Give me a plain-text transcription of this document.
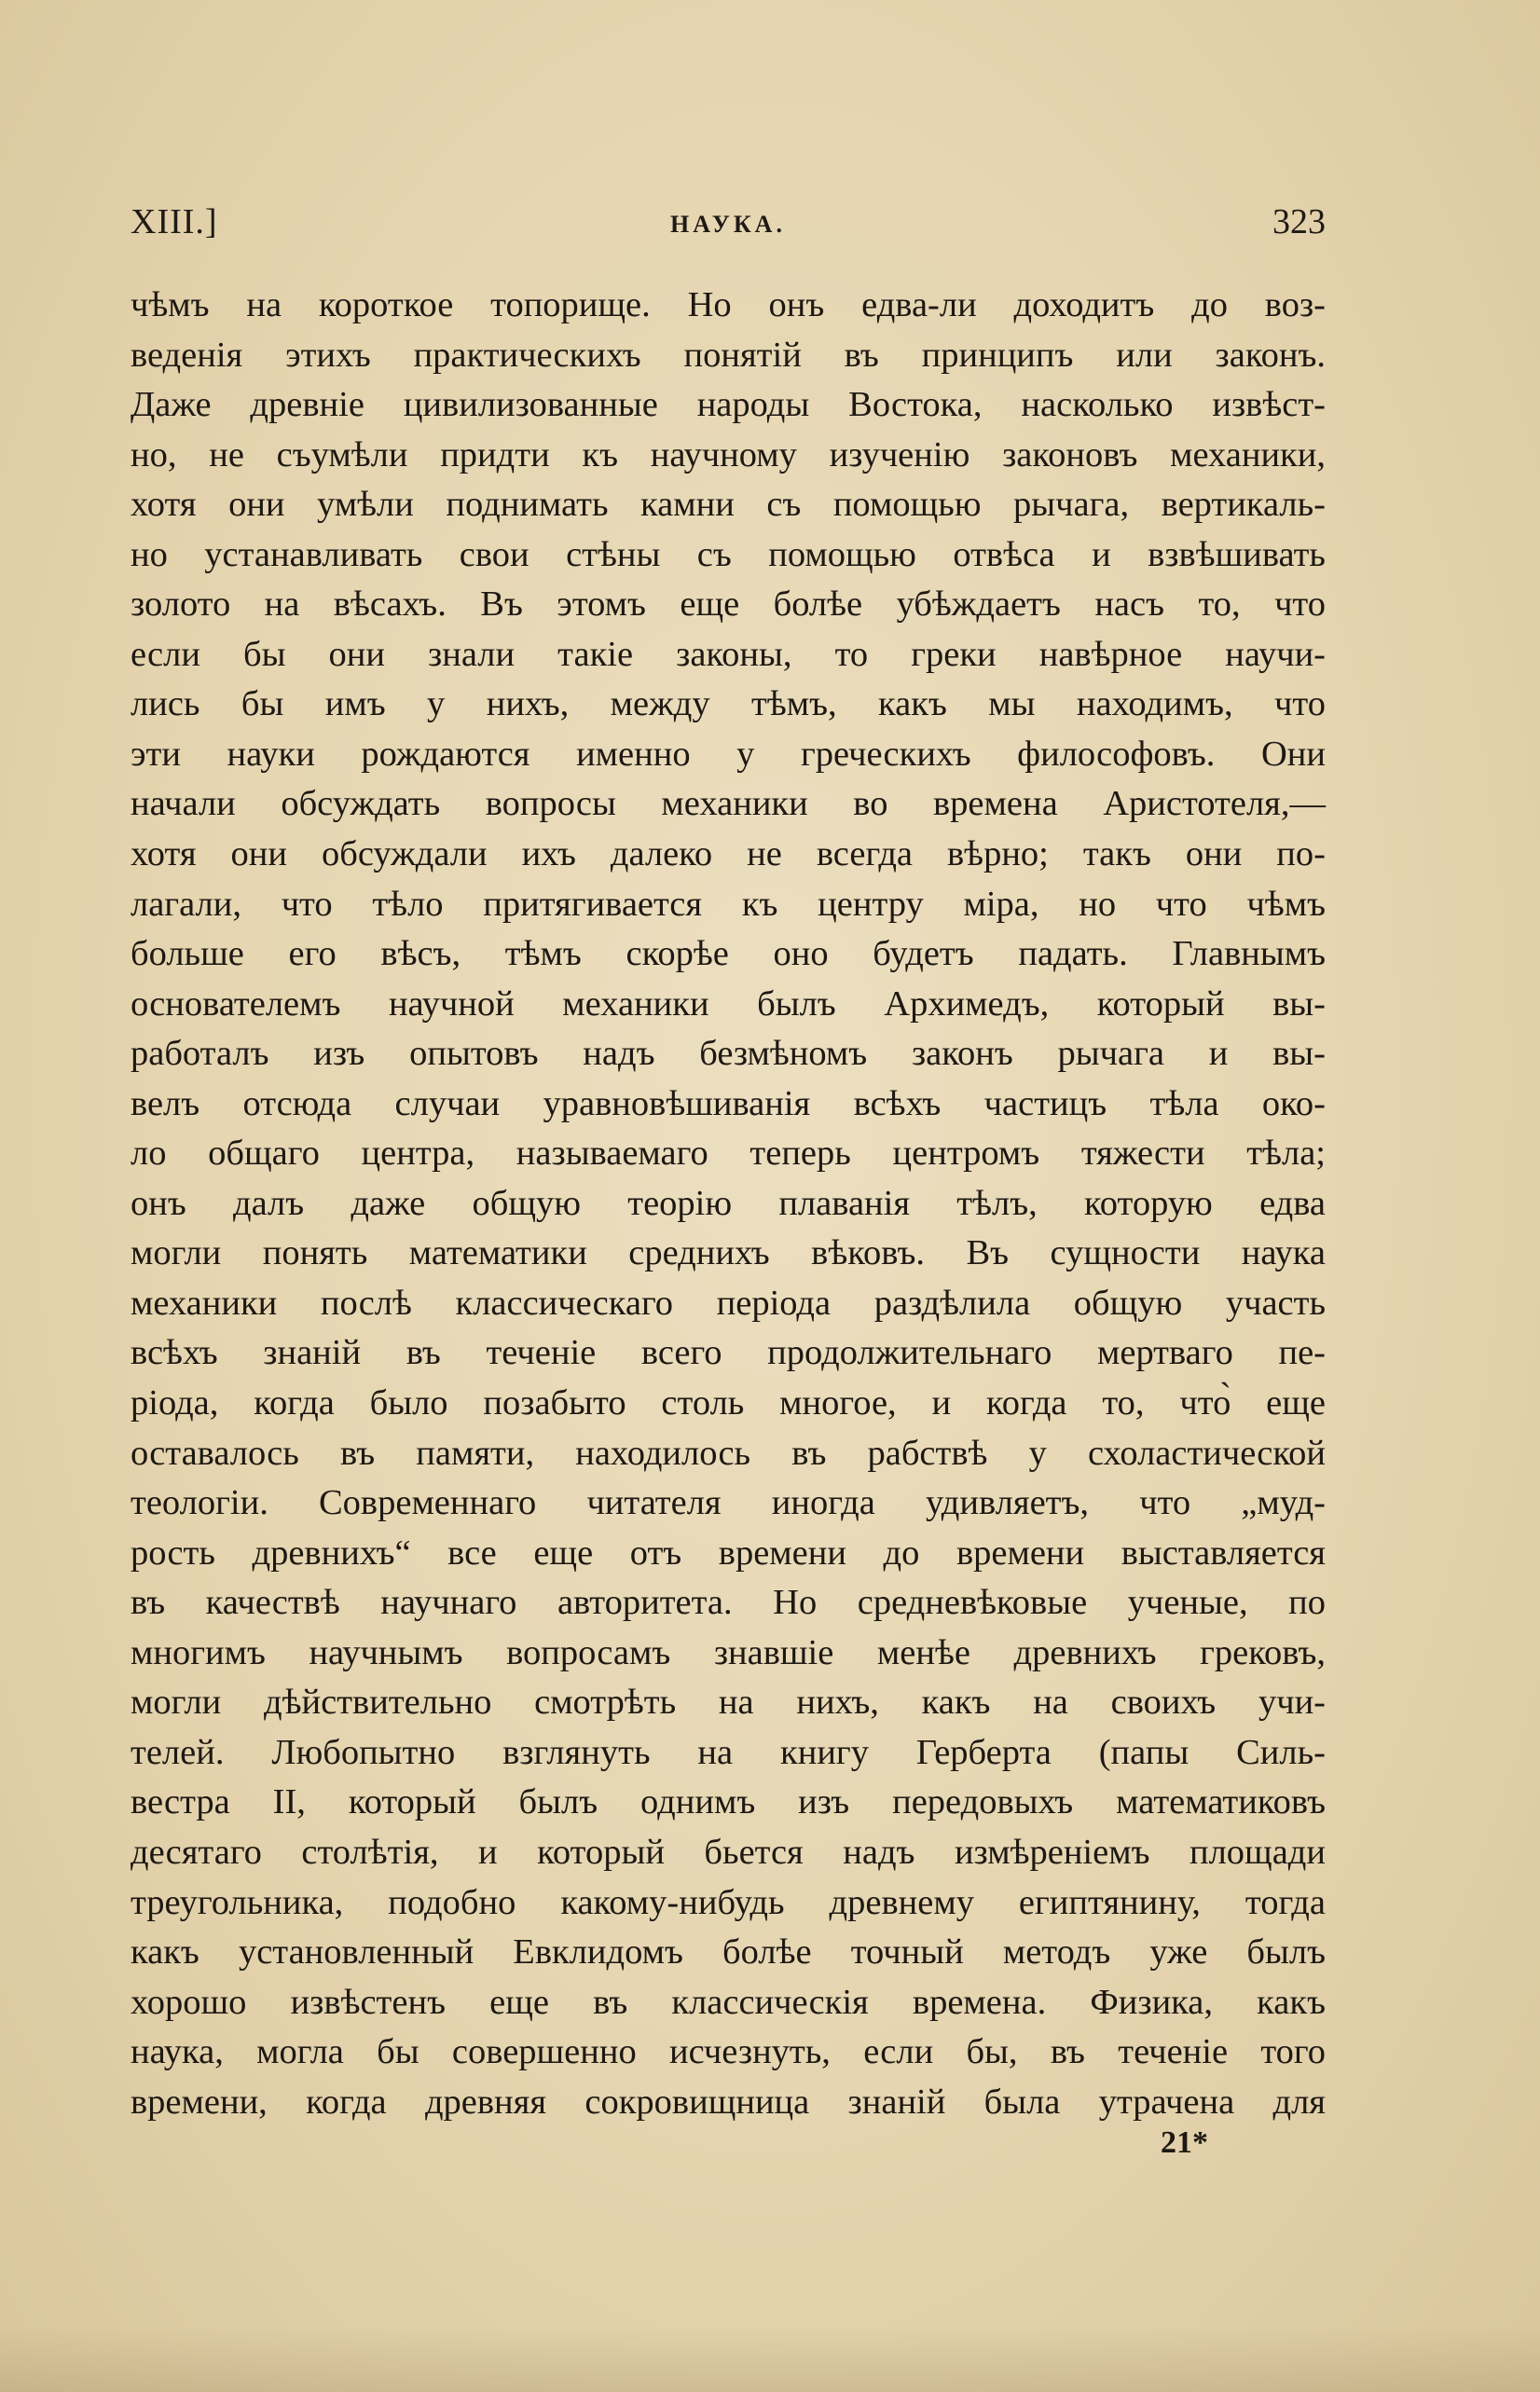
XIII.]	НАУКА.	323
чѣмъ на короткое топорище. Но онъ едва-ли доходитъ до воз-
веденія этихъ практическихъ понятій въ принципъ или законъ.
Даже древніе цивилизованные народы Востока, насколько извѣст-
но, не съумѣли придти къ научному изученію законовъ механики,
хотя они умѣли поднимать камни съ помощью рычага, вертикаль-
но устанавливать свои стѣны съ помощью отвѣса и взвѣшивать
золото на вѣсахъ. Въ этомъ еще болѣе убѣждаетъ насъ то, что
если бы они знали такіе законы, то греки навѣрное научи-
лись бы имъ у нихъ, между тѣмъ, какъ мы находимъ, что
эти науки рождаются именно у греческихъ философовъ. Они
начали обсуждать вопросы механики во времена Аристотеля,—
хотя они обсуждали ихъ далеко не всегда вѣрно; такъ они по-
лагали, что тѣло притягивается къ центру міра, но что чѣмъ
больше его вѣсъ, тѣмъ скорѣе оно будетъ падать. Главнымъ
основателемъ научной механики былъ Архимедъ, который вы-
работалъ изъ опытовъ надъ безмѣномъ законъ рычага и вы-
велъ отсюда случаи уравновѣшиванія всѣхъ частицъ тѣла око-
ло общаго центра, называемаго теперь центромъ тяжести тѣла;
онъ далъ даже общую теорію плаванія тѣлъ, которую едва
могли понять математики среднихъ вѣковъ. Въ сущности наука
механики послѣ классическаго періода раздѣлила общую участь
всѣхъ знаній въ теченіе всего продолжительнаго мертваго пе-
ріода, когда было позабыто столь многое, и когда то, что̀ еще
оставалось въ памяти, находилось въ рабствѣ у схоластической
теологіи. Современнаго читателя иногда удивляетъ, что „муд-
рость древнихъ“ все еще отъ времени до времени выставляется
въ качествѣ научнаго авторитета. Но средневѣковые ученые, по
многимъ научнымъ вопросамъ знавшіе менѣе древнихъ грековъ,
могли дѣйствительно смотрѣть на нихъ, какъ на своихъ учи-
телей. Любопытно взглянуть на книгу Герберта (папы Силь-
вестра II, который былъ однимъ изъ передовыхъ математиковъ
десятаго столѣтія, и который бьется надъ измѣреніемъ площади
треугольника, подобно какому-нибудь древнему египтянину, тогда
какъ установленный Евклидомъ болѣе точный методъ уже былъ
хорошо извѣстенъ еще въ классическія времена. Физика, какъ
наука, могла бы совершенно исчезнуть, если бы, въ теченіе того
времени, когда древняя сокровищница знаній была утрачена для
21*
